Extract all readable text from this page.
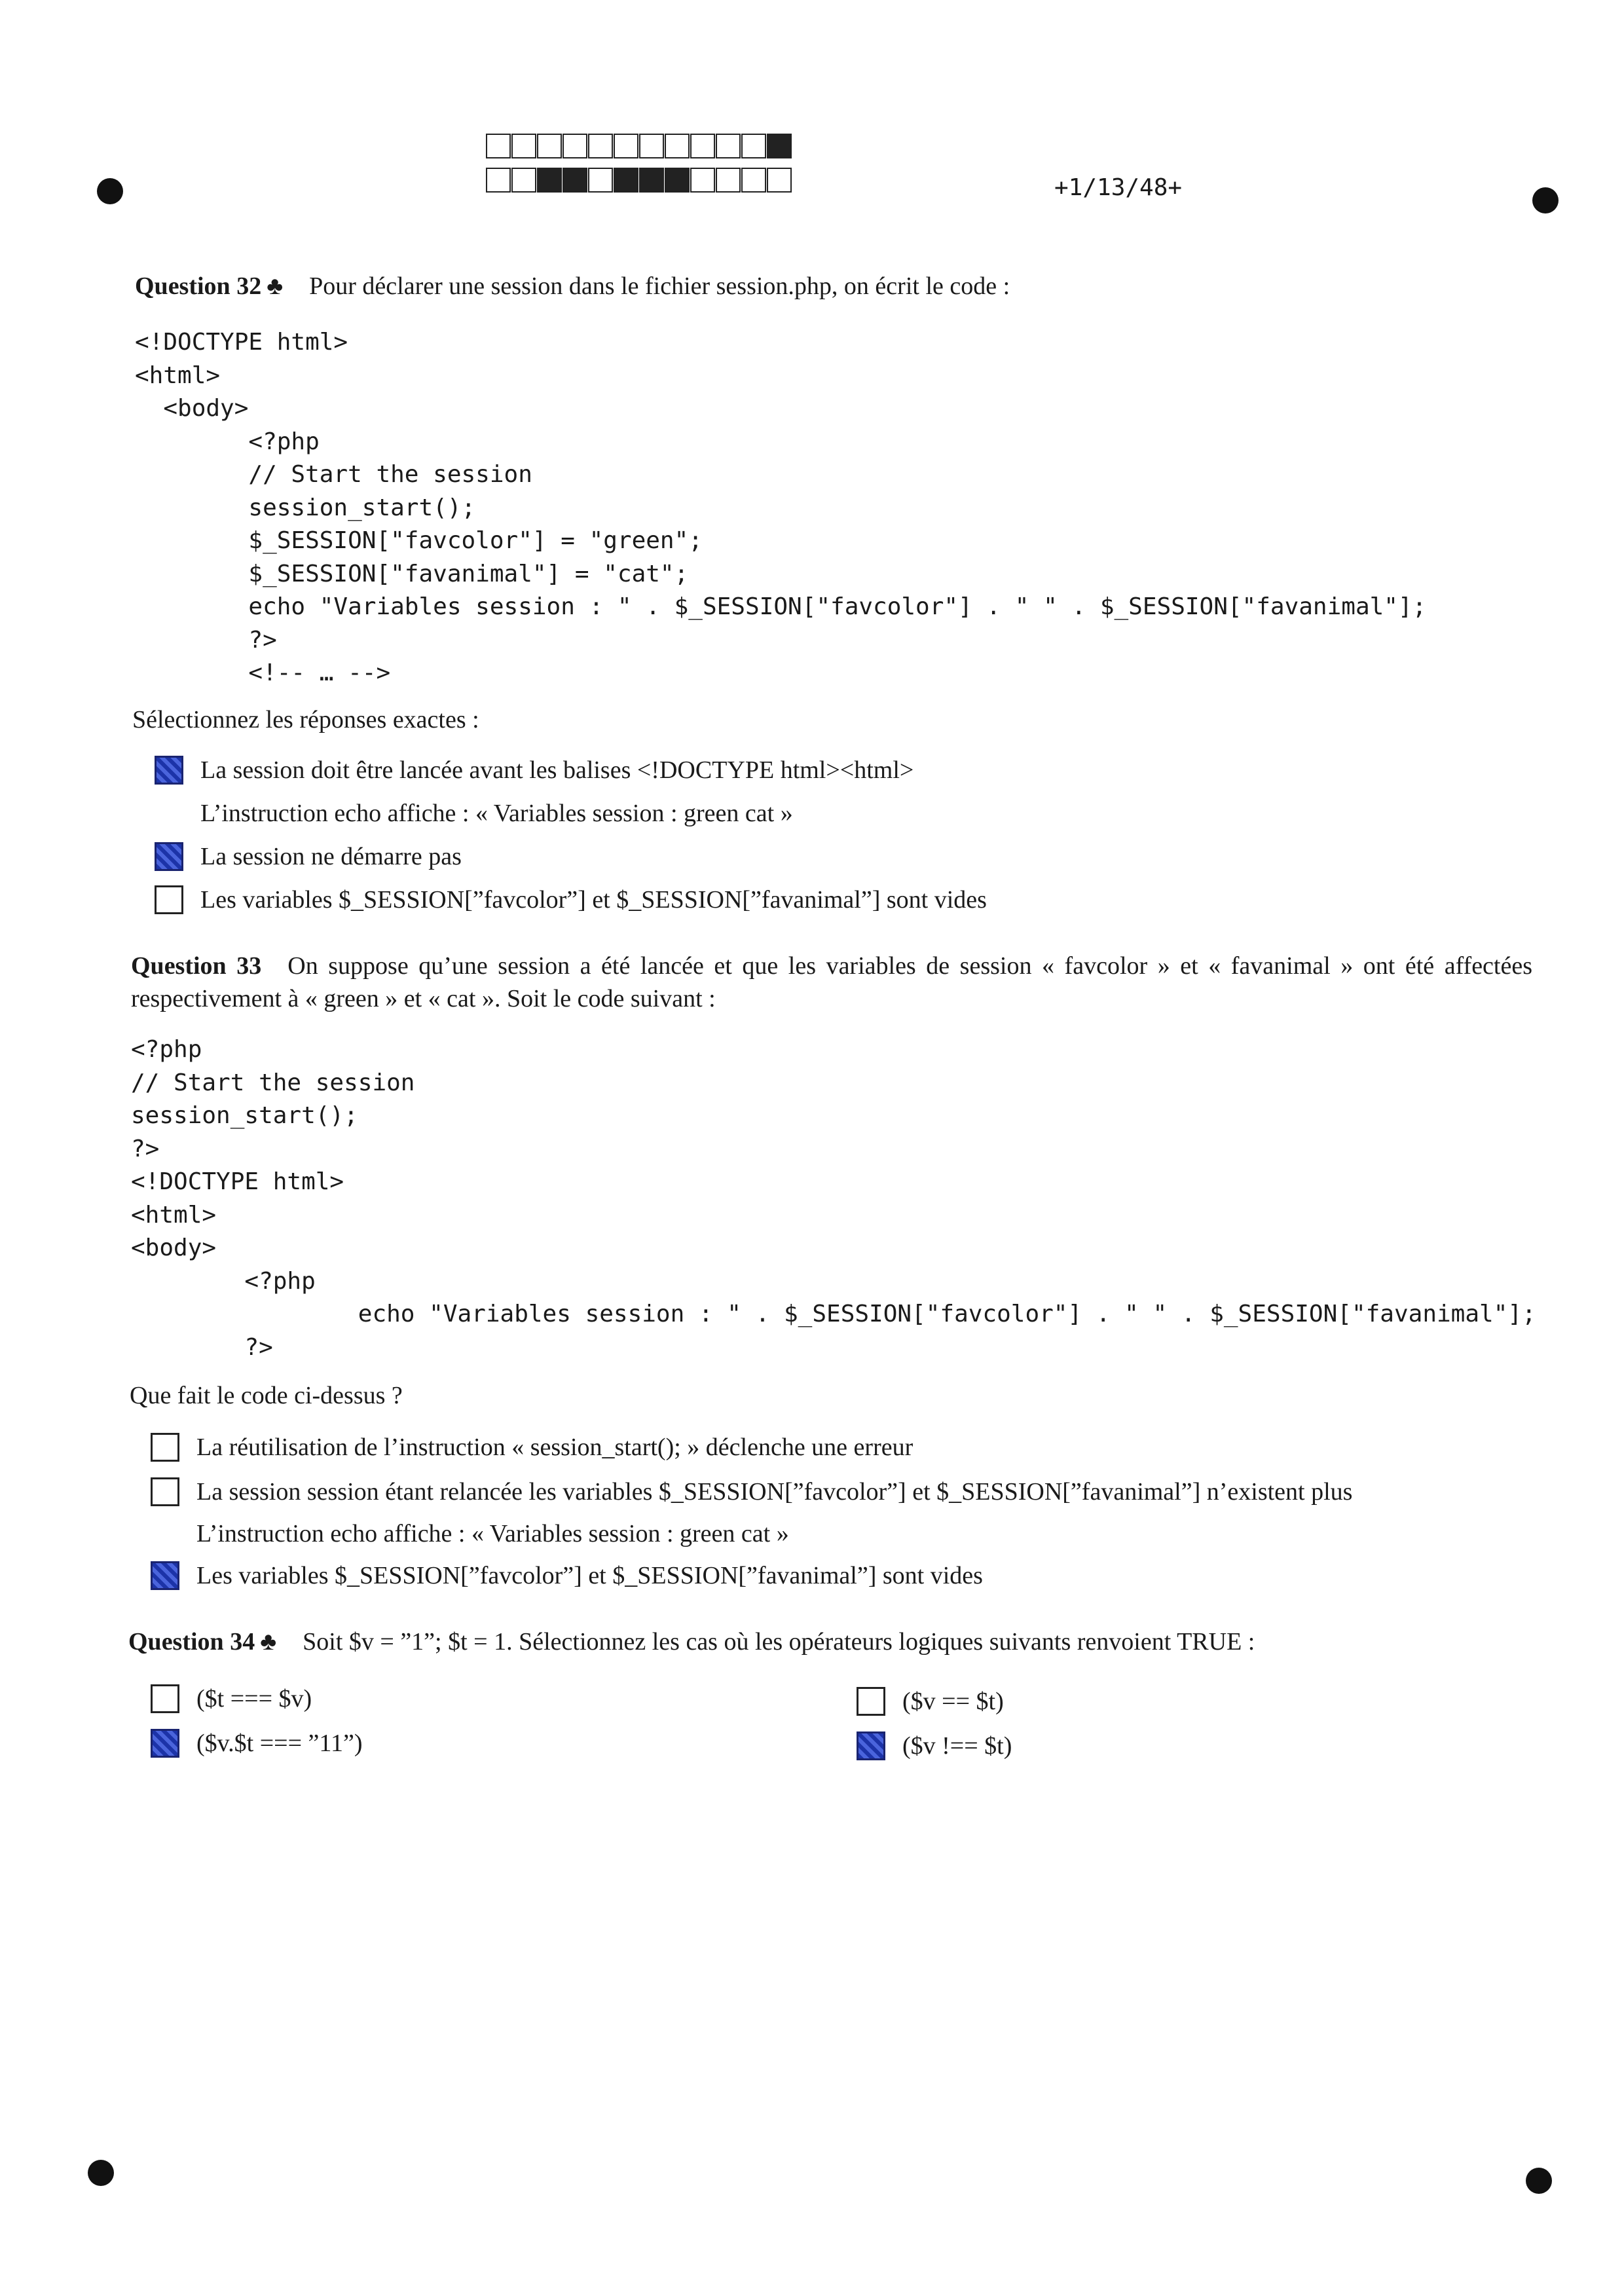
+1/13/48+
Question 32 ♣ Pour déclarer une session dans le fichier session.php, on écrit le code :
<!DOCTYPE html>
<html>
<body>
<?php
// Start the session
session_start();
$_SESSION["favcolor"] = "green";
$_SESSION["favanimal"] = "cat";
echo "Variables session : " . $_SESSION["favcolor"] . " " . $_SESSION["favanimal"];
?>
<!-- … -->
Sélectionnez les réponses exactes :
La session doit être lancée avant les balises <!DOCTYPE html><html>
L’instruction echo affiche : « Variables session : green cat »
La session ne démarre pas
Les variables $_SESSION[”favcolor”] et $_SESSION[”favanimal”] sont vides
Question 33 On suppose qu’une session a été lancée et que les variables de session « favcolor » et « favanimal » ont été affectées respectivement à « green » et « cat ». Soit le code suivant :
<?php
// Start the session
session_start();
?>
<!DOCTYPE html>
<html>
<body>
<?php
echo "Variables session : " . $_SESSION["favcolor"] . " " . $_SESSION["favanimal"];
?>
Que fait le code ci-dessus ?
La réutilisation de l’instruction « session_start(); » déclenche une erreur
La session session étant relancée les variables $_SESSION[”favcolor”] et $_SESSION[”favanimal”] n’existent plus
L’instruction echo affiche : « Variables session : green cat »
Les variables $_SESSION[”favcolor”] et $_SESSION[”favanimal”] sont vides
Question 34 ♣ Soit $v = ”1”; $t = 1. Sélectionnez les cas où les opérateurs logiques suivants renvoient TRUE :
($t === $v)	($v == $t)
($v.$t === ”11”)	($v !== $t)
